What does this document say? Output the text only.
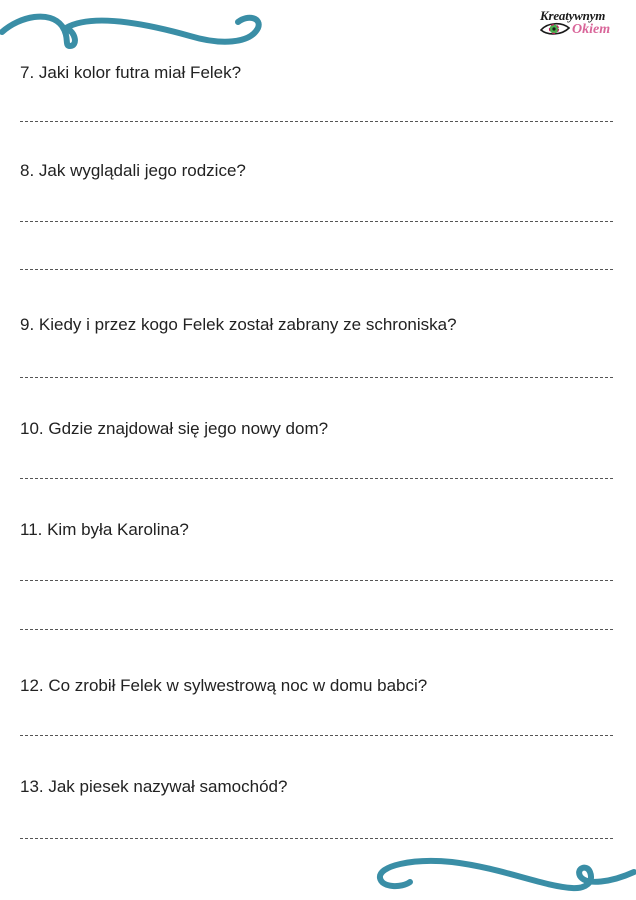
Kreatywnym
Okiem
7. Jaki kolor futra miał Felek?
8. Jak wyglądali jego rodzice?
9. Kiedy i przez kogo Felek został zabrany ze schroniska?
10. Gdzie znajdował się jego nowy dom?
11. Kim była Karolina?
12. Co zrobił Felek w sylwestrową noc w domu babci?
13. Jak piesek nazywał samochód?
